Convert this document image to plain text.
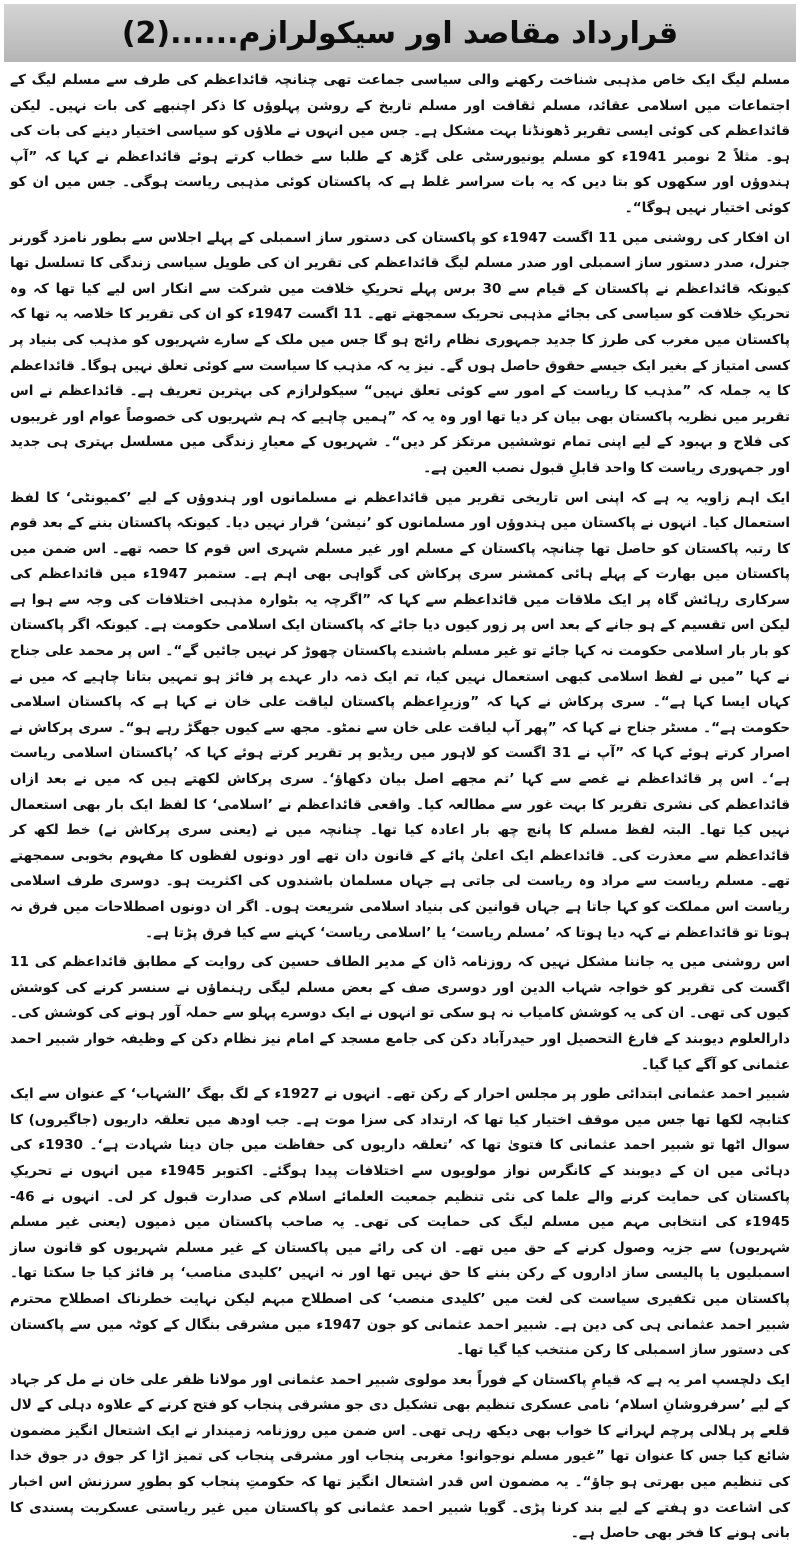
قرارداد مقاصد اور سیکولرازم......(2)

مسلم لیگ ایک خاص مذہبی شناخت رکھنے والی سیاسی جماعت تھی چنانچہ قائداعظم کی طرف سے مسلم لیگ کے اجتماعات میں اسلامی عقائد، مسلم ثقافت اور مسلم تاریخ کے روشن پہلوؤں کا ذکر اچنبھے کی بات نہیں۔ لیکن قائداعظم کی کوئی ایسی تقریر ڈھونڈنا بہت مشکل ہے۔ جس میں انہوں نے ملاؤں کو سیاسی اختیار دینے کی بات کی ہو۔ مثلاً 2 نومبر 1941ء کو مسلم یونیورسٹی علی گڑھ کے طلبا سے خطاب کرتے ہوئے قائداعظم نے کہا کہ ”آپ ہندوؤں اور سکھوں کو بتا دیں کہ یہ بات سراسر غلط ہے کہ پاکستان کوئی مذہبی ریاست ہوگی۔ جس میں ان کو کوئی اختیار نہیں ہوگا“۔

ان افکار کی روشنی میں 11 اگست 1947ء کو پاکستان کی دستور ساز اسمبلی کے پہلے اجلاس سے بطور نامزد گورنر جنرل، صدر دستور ساز اسمبلی اور صدر مسلم لیگ قائداعظم کی تقریر ان کی طویل سیاسی زندگی کا تسلسل تھا کیونکہ قائداعظم نے پاکستان کے قیام سے 30 برس پہلے تحریکِ خلافت میں شرکت سے انکار اس لیے کیا تھا کہ وہ تحریکِ خلافت کو سیاسی کی بجائے مذہبی تحریک سمجھتے تھے۔ 11 اگست 1947ء کو ان کی تقریر کا خلاصہ یہ تھا کہ پاکستان میں مغرب کی طرز کا جدید جمہوری نظام رائج ہو گا جس میں ملک کے سارے شہریوں کو مذہب کی بنیاد پر کسی امتیاز کے بغیر ایک جیسے حقوق حاصل ہوں گے۔ نیز یہ کہ مذہب کا سیاست سے کوئی تعلق نہیں ہوگا۔ قائداعظم کا یہ جملہ کہ ”مذہب کا ریاست کے امور سے کوئی تعلق نہیں“ سیکولرازم کی بہترین تعریف ہے۔ قائداعظم نے اس تقریر میں نظریہ پاکستان بھی بیان کر دیا تھا اور وہ یہ کہ ”ہمیں چاہیے کہ ہم شہریوں کی خصوصاً عوام اور غریبوں کی فلاح و بہبود کے لیے اپنی تمام توششیں مرتکز کر دیں“۔ شہریوں کے معیارِ زندگی میں مسلسل بہتری ہی جدید اور جمہوری ریاست کا واحد قابلِ قبول نصب العین ہے۔

ایک اہم زاویہ یہ ہے کہ اپنی اس تاریخی تقریر میں قائداعظم نے مسلمانوں اور ہندوؤں کے لیے ’کمیونٹی‘ کا لفظ استعمال کیا۔ انہوں نے پاکستان میں ہندوؤں اور مسلمانوں کو ’نیشن‘ قرار نہیں دیا۔ کیونکہ پاکستان بننے کے بعد قوم کا رتبہ پاکستان کو حاصل تھا چنانچہ پاکستان کے مسلم اور غیر مسلم شہری اس قوم کا حصہ تھے۔ اس ضمن میں پاکستان میں بھارت کے پہلے ہائی کمشنر سری پرکاش کی گواہی بھی اہم ہے۔ ستمبر 1947ء میں قائداعظم کی سرکاری رہائش گاہ پر ایک ملاقات میں قائداعظم سے کہا کہ ”اگرچہ یہ بٹوارہ مذہبی اختلافات کی وجہ سے ہوا ہے لیکن اس تقسیم کے ہو جانے کے بعد اس پر زور کیوں دیا جائے کہ پاکستان ایک اسلامی حکومت ہے۔ کیونکہ اگر پاکستان کو بار بار اسلامی حکومت نہ کہا جائے تو غیر مسلم باشندے پاکستان چھوڑ کر نہیں جائیں گے“۔ اس پر محمد علی جناح نے کہا ”میں نے لفظ اسلامی کبھی استعمال نہیں کیا، تم ایک ذمہ دار عہدے پر فائز ہو تمہیں بتانا چاہیے کہ میں نے کہاں ایسا کہا ہے“۔ سری پرکاش نے کہا کہ ”وزیرِاعظم پاکستان لیاقت علی خان نے کہا ہے کہ پاکستان اسلامی حکومت ہے“۔ مسٹر جناح نے کہا کہ ”پھر آپ لیاقت علی خان سے نمٹو۔ مجھ سے کیوں جھگڑ رہے ہو“۔ سری پرکاش نے اصرار کرتے ہوئے کہا کہ ”آپ نے 31 اگست کو لاہور میں ریڈیو پر تقریر کرتے ہوئے کہا کہ ’پاکستان اسلامی ریاست ہے‘۔ اس پر قائداعظم نے غصے سے کہا ’تم مجھے اصل بیان دکھاؤ‘۔ سری پرکاش لکھتے ہیں کہ میں نے بعد ازاں قائداعظم کی نشری تقریر کا بہت غور سے مطالعہ کیا۔ واقعی قائداعظم نے ’اسلامی‘ کا لفظ ایک بار بھی استعمال نہیں کیا تھا۔ البتہ لفظ مسلم کا پانچ چھ بار اعادہ کیا تھا۔ چنانچہ میں نے (یعنی سری پرکاش نے) خط لکھ کر قائداعظم سے معذرت کی۔ قائداعظم ایک اعلیٰ پائے کے قانون دان تھے اور دونوں لفظوں کا مفہوم بخوبی سمجھتے تھے۔ مسلم ریاست سے مراد وہ ریاست لی جاتی ہے جہاں مسلمان باشندوں کی اکثریت ہو۔ دوسری طرف اسلامی ریاست اس مملکت کو کہا جاتا ہے جہاں قوانین کی بنیاد اسلامی شریعت ہوں۔ اگر ان دونوں اصطلاحات میں فرق نہ ہوتا تو قائداعظم نے کہہ دیا ہوتا کہ ’مسلم ریاست‘ یا ’اسلامی ریاست‘ کہنے سے کیا فرق پڑتا ہے۔

اس روشنی میں یہ جاننا مشکل نہیں کہ روزنامہ ڈان کے مدیر الطاف حسین کی روایت کے مطابق قائداعظم کی 11 اگست کی تقریر کو خواجہ شہاب الدین اور دوسری صف کے بعض مسلم لیگی رہنماؤں نے سنسر کرنے کی کوشش کیوں کی تھی۔ ان کی یہ کوشش کامیاب نہ ہو سکی تو انہوں نے ایک دوسرے پہلو سے حملہ آور ہونے کی کوشش کی۔ دارالعلوم دیوبند کے فارغ التحصیل اور حیدرآباد دکن کی جامع مسجد کے امام نیز نظام دکن کے وظیفہ خوار شبیر احمد عثمانی کو آگے کیا گیا۔

شبیر احمد عثمانی ابتدائی طور پر مجلس احرار کے رکن تھے۔ انہوں نے 1927ء کے لگ بھگ ’الشہاب‘ کے عنوان سے ایک کتابچہ لکھا تھا جس میں موقف اختیار کیا تھا کہ ارتداد کی سزا موت ہے۔ جب اودھ میں تعلقہ داریوں (جاگیروں) کا سوال اٹھا تو شبیر احمد عثمانی کا فتویٰ تھا کہ ’تعلقہ داریوں کی حفاظت میں جان دینا شہادت ہے‘۔ 1930ء کی دہائی میں ان کے دیوبند کے کانگرس نواز مولویوں سے اختلافات پیدا ہوگئے۔ اکتوبر 1945ء میں انہوں نے تحریکِ پاکستان کی حمایت کرنے والے علما کی نئی تنظیم جمعیت العلمائے اسلام کی صدارت قبول کر لی۔ انہوں نے 46-1945ء کی انتخابی مہم میں مسلم لیگ کی حمایت کی تھی۔ یہ صاحب پاکستان میں ذمیوں (یعنی غیر مسلم شہریوں) سے جزیہ وصول کرنے کے حق میں تھے۔ ان کی رائے میں پاکستان کے غیر مسلم شہریوں کو قانون ساز اسمبلیوں یا پالیسی ساز اداروں کے رکن بننے کا حق نہیں تھا اور نہ انہیں ’کلیدی مناصب‘ پر فائز کیا جا سکتا تھا۔ پاکستان میں تکفیری سیاست کی لغت میں ’کلیدی منصب‘ کی اصطلاح مبہم لیکن نہایت خطرناک اصطلاح محترم شبیر احمد عثمانی ہی کی دین ہے۔ شبیر احمد عثمانی کو جون 1947ء میں مشرقی بنگال کے کوٹہ میں سے پاکستان کی دستور ساز اسمبلی کا رکن منتخب کیا گیا تھا۔

ایک دلچسپ امر یہ ہے کہ قیامِ پاکستان کے فوراً بعد مولوی شبیر احمد عثمانی اور مولانا ظفر علی خان نے مل کر جہاد کے لیے ’سرفروشانِ اسلام‘ نامی عسکری تنظیم بھی تشکیل دی جو مشرقی پنجاب کو فتح کرنے کے علاوہ دہلی کے لال قلعے پر ہلالی پرچم لہرانے کا خواب بھی دیکھ رہی تھی۔ اس ضمن میں روزنامہ زمیندار نے ایک اشتعال انگیز مضمون شائع کیا جس کا عنوان تھا ”غیور مسلم نوجوانو! مغربی پنجاب اور مشرقی پنجاب کی تمیز اڑا کر جوق در جوق خدا کی تنظیم میں بھرتی ہو جاؤ“۔ یہ مضمون اس قدر اشتعال انگیز تھا کہ حکومتِ پنجاب کو بطورِ سرزنش اس اخبار کی اشاعت دو ہفتے کے لیے بند کرنا پڑی۔ گویا شبیر احمد عثمانی کو پاکستان میں غیر ریاستی عسکریت پسندی کا بانی ہونے کا فخر بھی حاصل ہے۔
